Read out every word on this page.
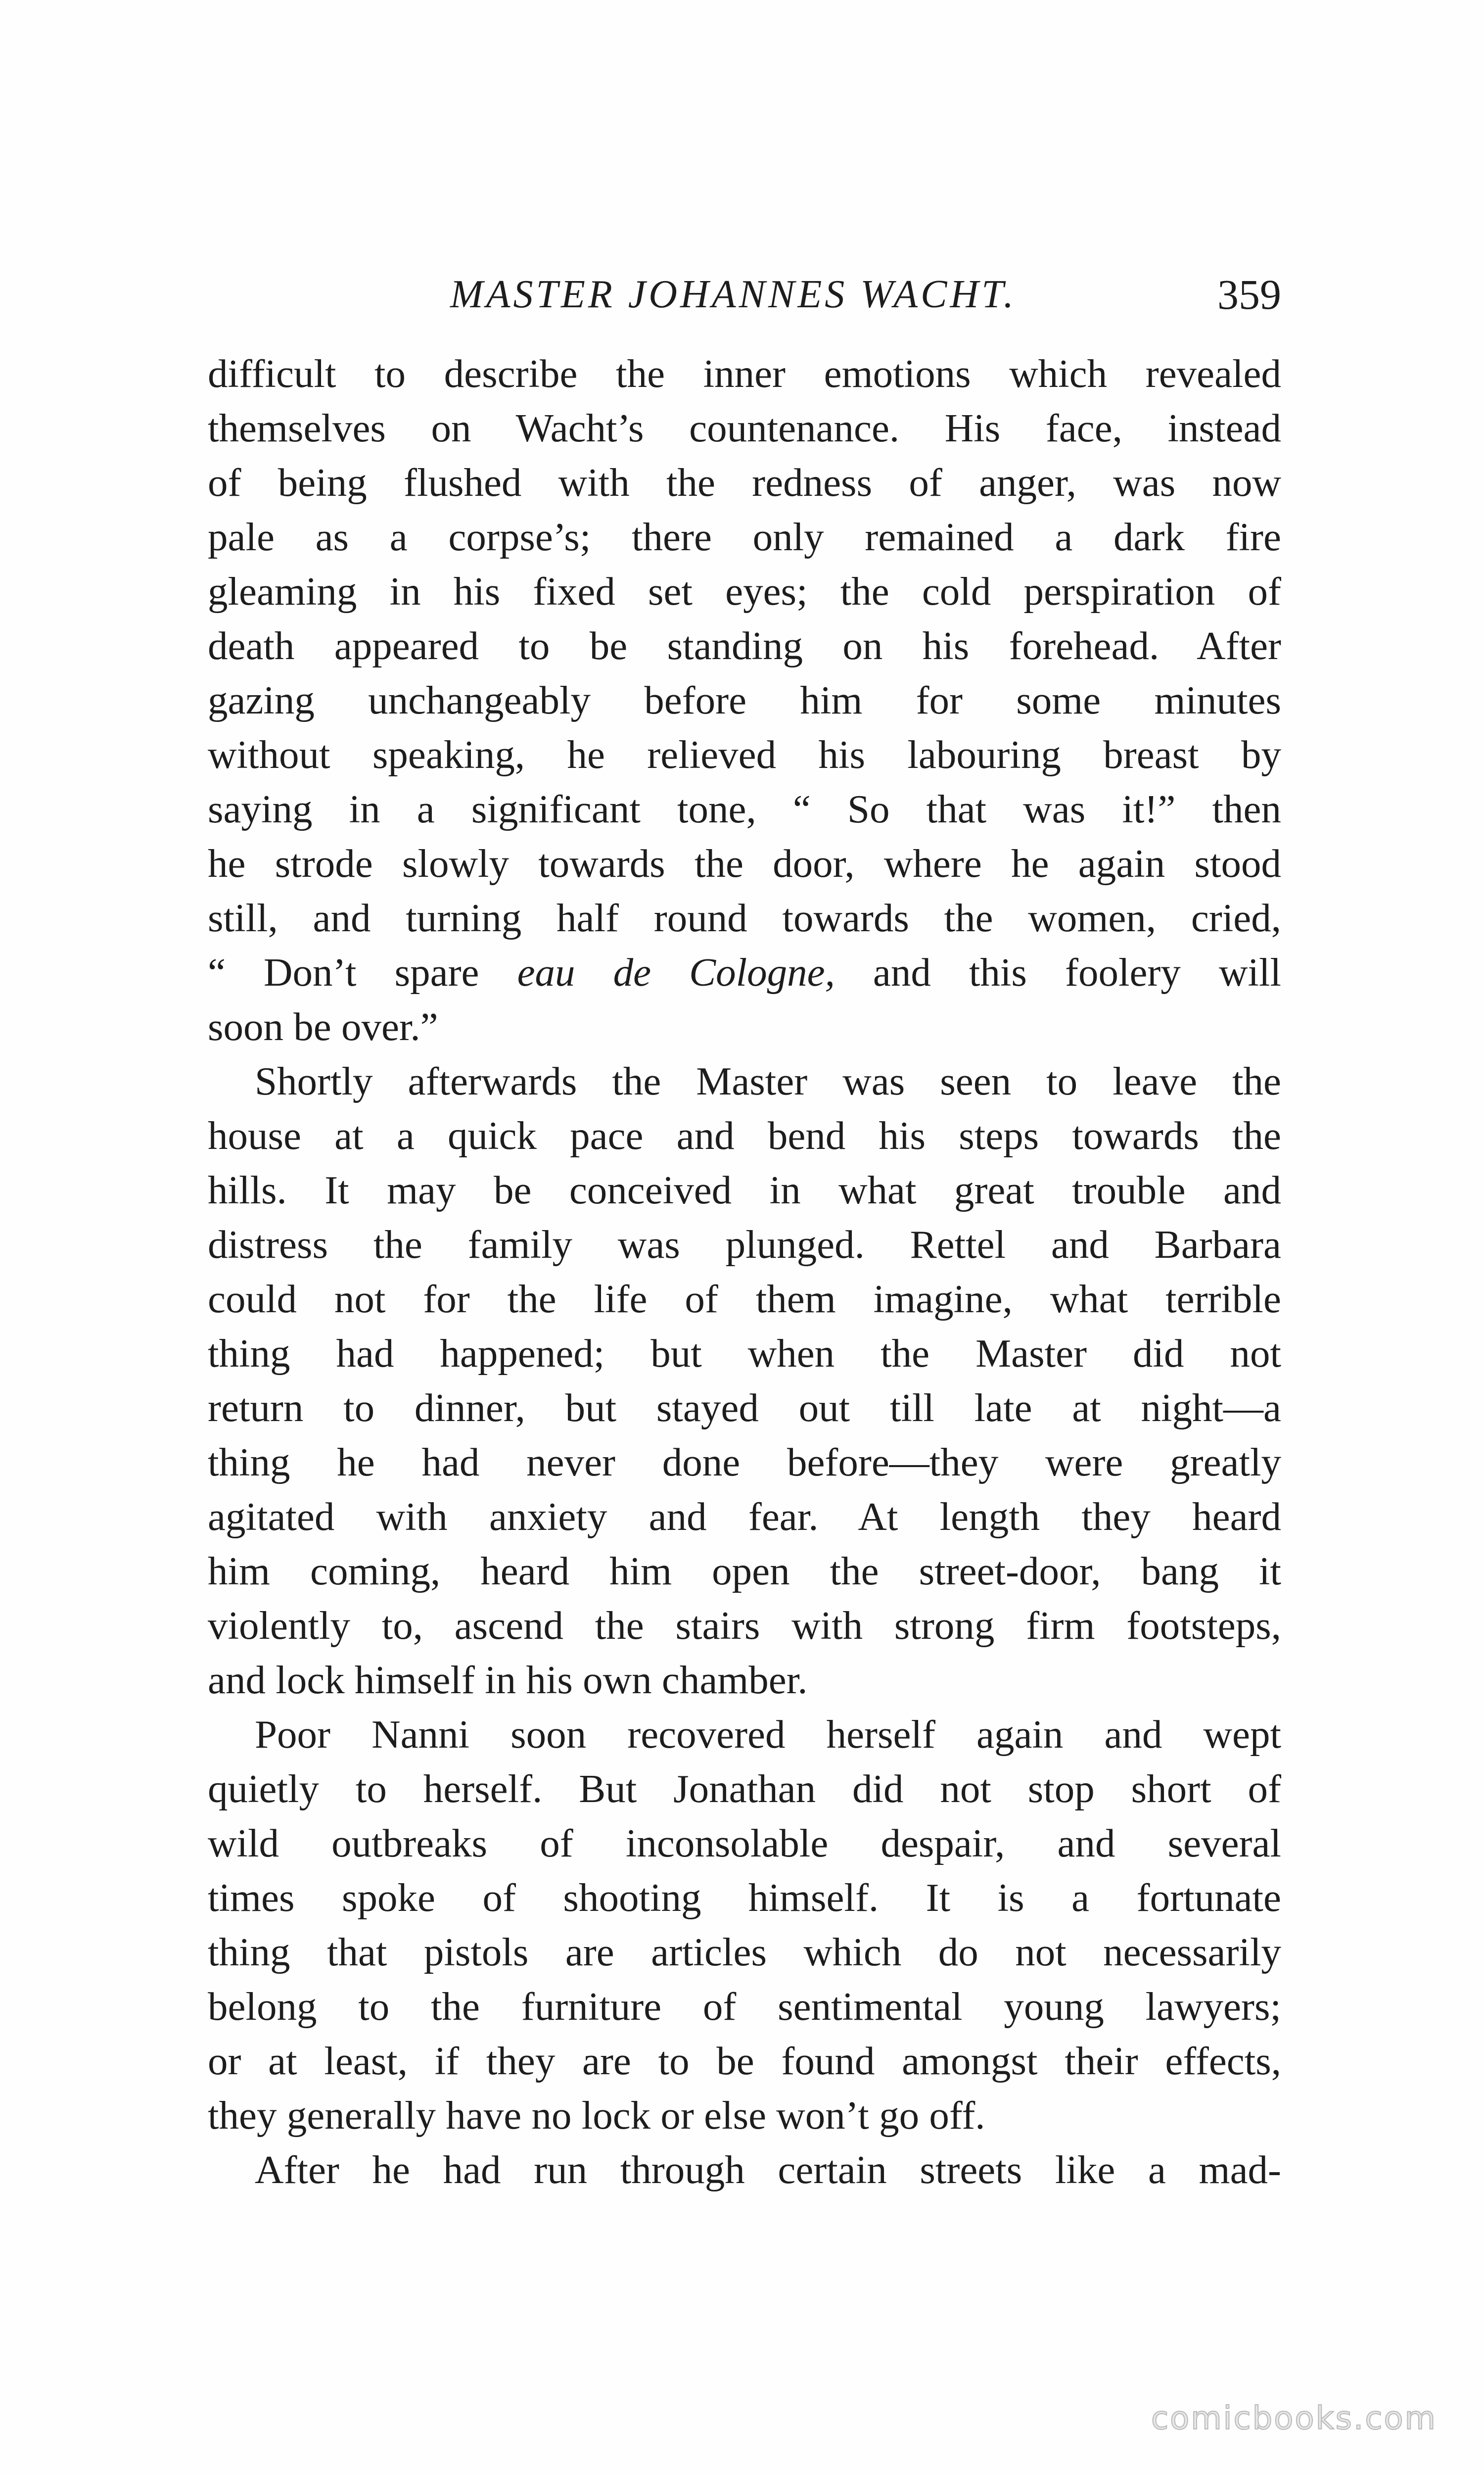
MASTER JOHANNES WACHT.	359
difficult to describe the inner emotions which revealed
themselves on Wacht’s countenance. His face, instead
of being flushed with the redness of anger, was now
pale as a corpse’s; there only remained a dark fire
gleaming in his fixed set eyes; the cold perspiration of
death appeared to be standing on his forehead. After
gazing unchangeably before him for some minutes
without speaking, he relieved his labouring breast by
saying in a significant tone, “ So that was it!” then
he strode slowly towards the door, where he again stood
still, and turning half round towards the women, cried,
“ Don’t spare eau de Cologne, and this foolery will
soon be over.”
Shortly afterwards the Master was seen to leave the
house at a quick pace and bend his steps towards the
hills. It may be conceived in what great trouble and
distress the family was plunged. Rettel and Barbara
could not for the life of them imagine, what terrible
thing had happened; but when the Master did not
return to dinner, but stayed out till late at night—a
thing he had never done before—they were greatly
agitated with anxiety and fear. At length they heard
him coming, heard him open the street-door, bang it
violently to, ascend the stairs with strong firm footsteps,
and lock himself in his own chamber.
Poor Nanni soon recovered herself again and wept
quietly to herself. But Jonathan did not stop short of
wild outbreaks of inconsolable despair, and several
times spoke of shooting himself. It is a fortunate
thing that pistols are articles which do not necessarily
belong to the furniture of sentimental young lawyers;
or at least, if they are to be found amongst their effects,
they generally have no lock or else won’t go off.
After he had run through certain streets like a mad-
comicbooks.com
